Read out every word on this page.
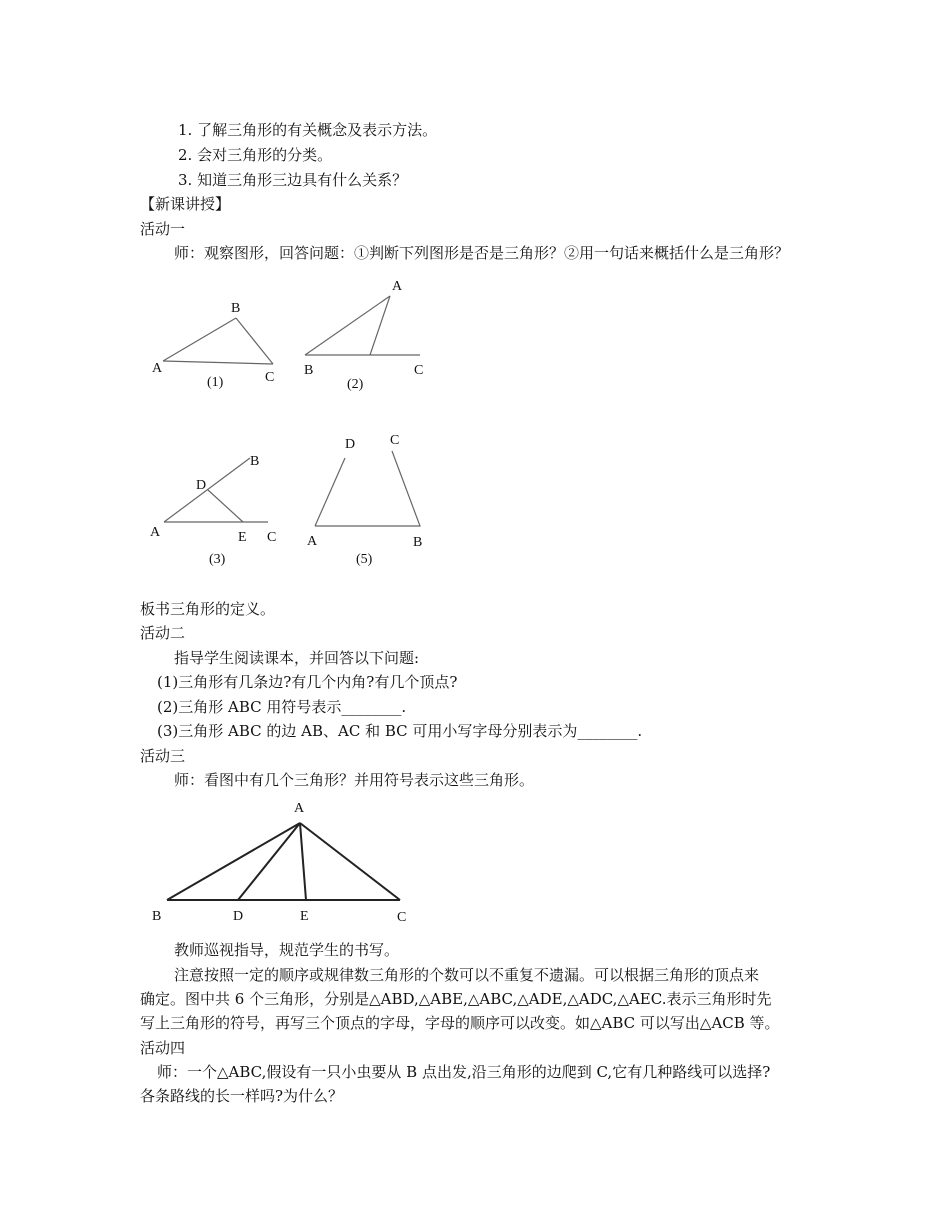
1. 了解三角形的有关概念及表示方法。
2. 会对三角形的分类。
3. 知道三角形三边具有什么关系？
【新课讲授】
活动一
师：观察图形，回答问题：①判断下列图形是否是三角形？②用一句话来概括什么是三角形？
A
B
C
(1)
A
B	C
(2)
A
B
C
D
E
(3)
A	B
C
D
(5)
A
B	D	E	C
板书三角形的定义。
活动二
指导学生阅读课本，并回答以下问题:
(1)三角形有几条边?有几个内角?有几个顶点?
(2)三角形 ABC 用符号表示________.
(3)三角形 ABC 的边 AB、AC 和 BC 可用小写字母分别表示为________.
活动三
师：看图中有几个三角形？并用符号表示这些三角形。
教师巡视指导，规范学生的书写。
注意按照一定的顺序或规律数三角形的个数可以不重复不遗漏。可以根据三角形的顶点来
确定。图中共 6 个三角形，分别是△ABD,△ABE,△ABC,△ADE,△ADC,△AEC.表示三角形时先
写上三角形的符号，再写三个顶点的字母，字母的顺序可以改变。如△ABC 可以写出△ACB 等。
活动四
师：一个△ABC,假设有一只小虫要从 B 点出发,沿三角形的边爬到 C,它有几种路线可以选择?
各条路线的长一样吗?为什么？
